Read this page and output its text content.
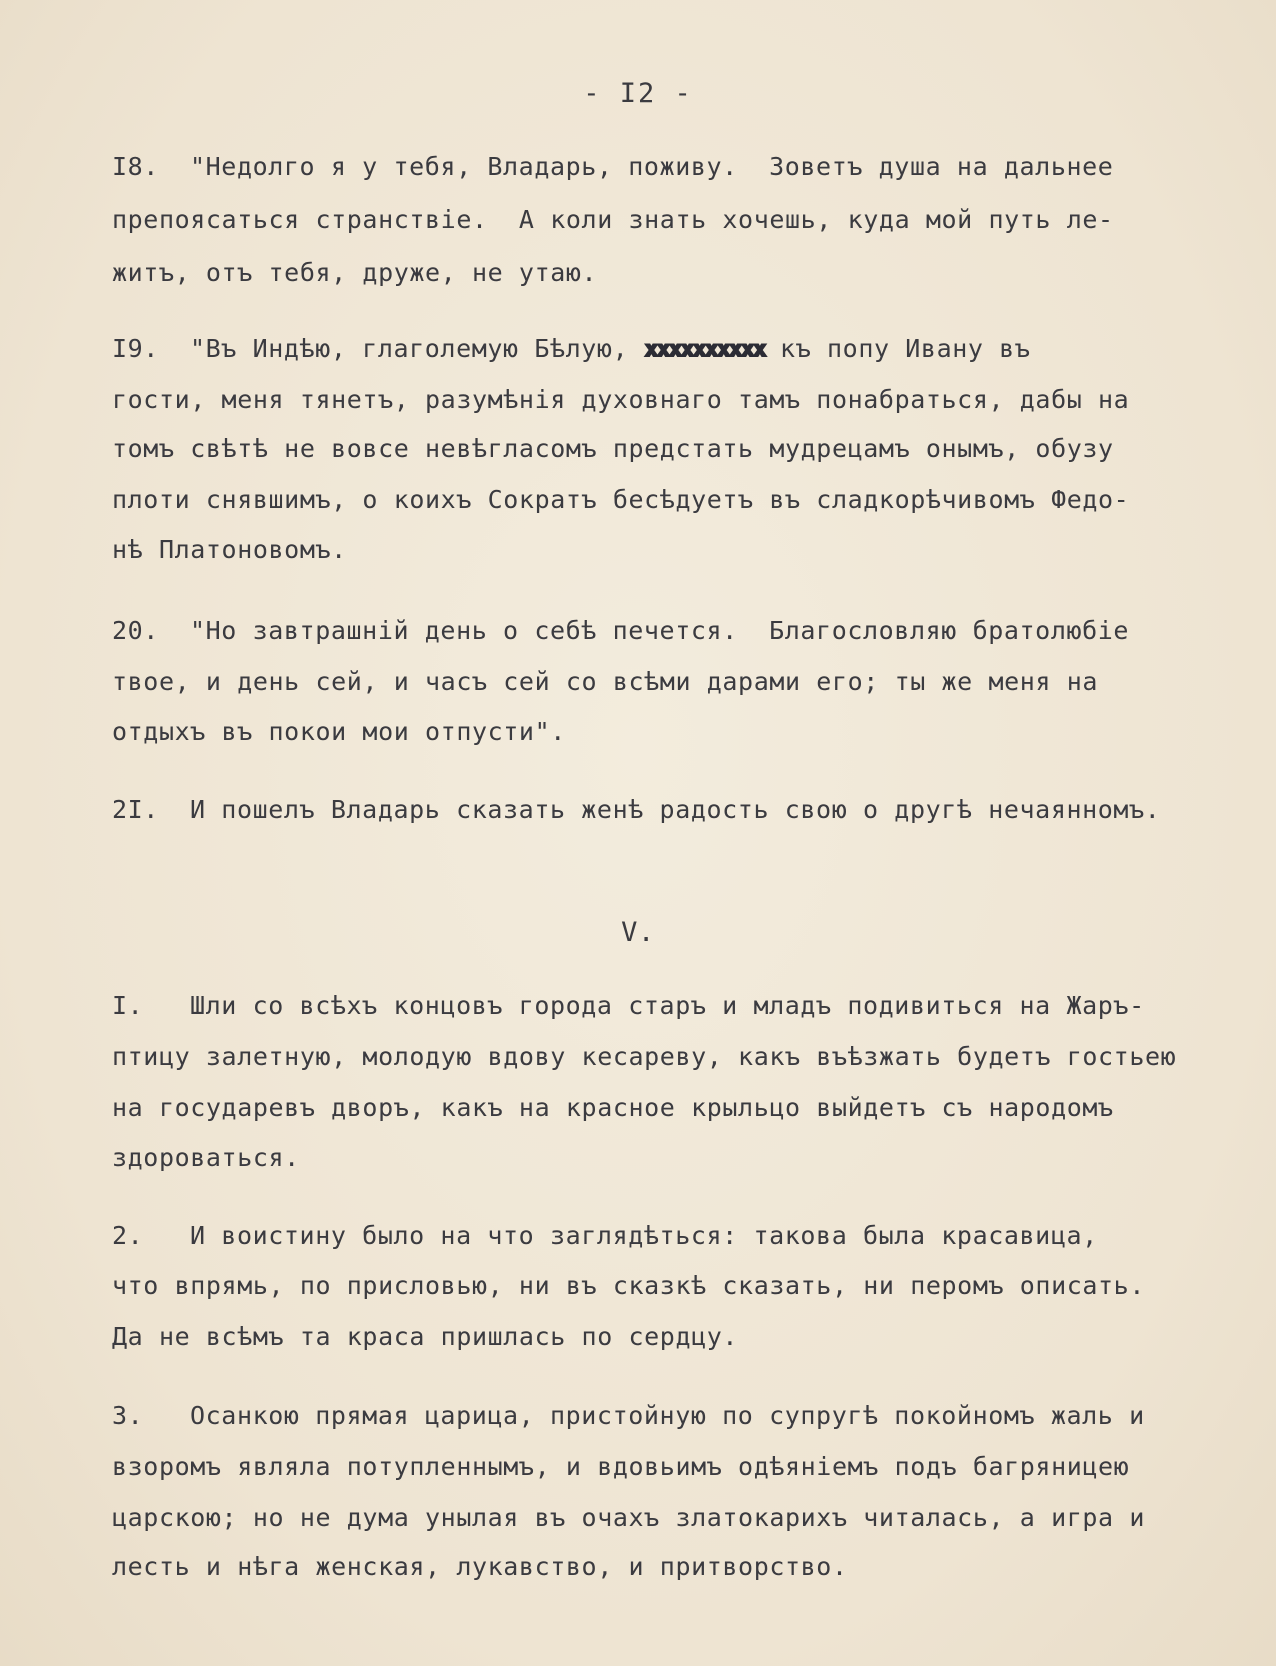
- I2 -
I8. "Недолго я у тебя, Владарь, поживу.  Зоветъ душа на дальнее
препоясаться странствіе.  А коли знать хочешь, куда мой путь ле-
житъ, отъ тебя, друже, не утаю.
I9. "Въ Индѣю, глаголемую Бѣлую, xxxxxxxxxx къ попу Ивану въ
гости, меня тянетъ, разумѣнія духовнаго тамъ понабраться, дабы на
томъ свѣтѣ не вовсе невѣгласомъ предстать мудрецамъ онымъ, обузу
плоти снявшимъ, о коихъ Сократъ бесѣдуетъ въ сладкорѣчивомъ Федо-
нѣ Платоновомъ.
20. "Но завтрашній день о себѣ печется.  Благословляю братолюбіе
твое, и день сей, и часъ сей со всѣми дарами его; ты же меня на
отдыхъ въ покои мои отпусти".
2I. И пошелъ Владарь сказать женѣ радость свою о другѣ нечаянномъ.
V.
I. Шли со всѣхъ концовъ города старъ и младъ подивиться на Жаръ-
птицу залетную, молодую вдову кесареву, какъ въѣзжать будетъ гостьею
на государевъ дворъ, какъ на красное крыльцо выйдетъ съ народомъ
здороваться.
2. И воистину было на что заглядѣться: такова была красавица,
что впрямь, по присловью, ни въ сказкѣ сказать, ни перомъ описать.
Да не всѣмъ та краса пришлась по сердцу.
3. Осанкою прямая царица, пристойную по супругѣ покойномъ жаль и
взоромъ являла потупленнымъ, и вдовьимъ одѣяніемъ подъ багряницею
царскою; но не дума унылая въ очахъ златокарихъ читалась, а игра и
лесть и нѣга женская, лукавство, и притворство.
